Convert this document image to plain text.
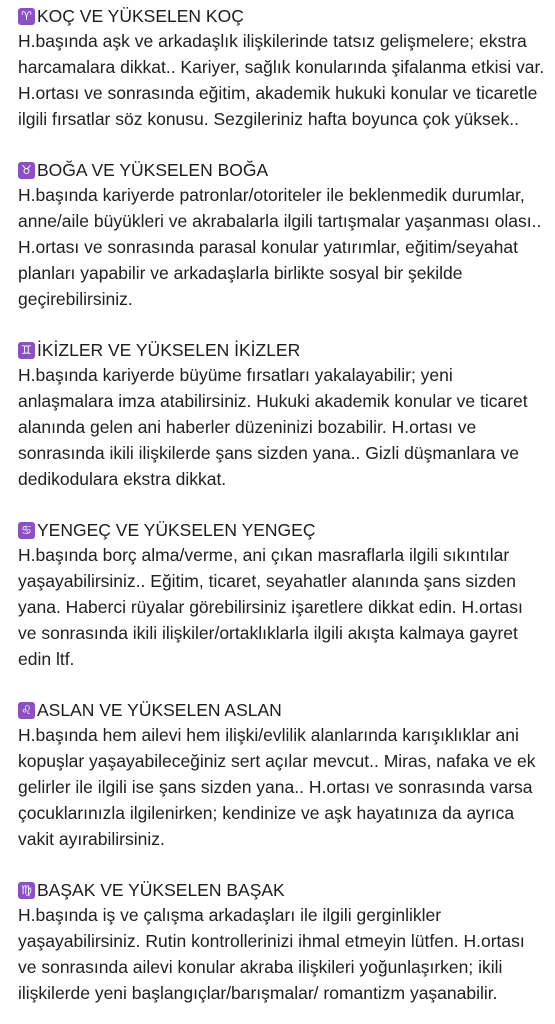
♈ KOÇ VE YÜKSELEN KOÇ

H.başında aşk ve arkadaşlık ilişkilerinde tatsız gelişmelere; ekstra harcamalara dikkat.. Kariyer, sağlık konularında şifalanma etkisi var. H.ortası ve sonrasında eğitim, akademik hukuki konular ve ticaretle ilgili fırsatlar söz konusu. Sezgileriniz hafta boyunca çok yüksek..

♉ BOĞA VE YÜKSELEN BOĞA

H.başında kariyerde patronlar/otoriteler ile beklenmedik durumlar, anne/aile büyükleri ve akrabalarla ilgili tartışmalar yaşanması olası.. H.ortası ve sonrasında parasal konular yatırımlar, eğitim/seyahat planları yapabilir ve arkadaşlarla birlikte sosyal bir şekilde geçirebilirsiniz.

♊ İKİZLER VE YÜKSELEN İKİZLER

H.başında kariyerde büyüme fırsatları yakalayabilir; yeni anlaşmalara imza atabilirsiniz. Hukuki akademik konular ve ticaret alanında gelen ani haberler düzeninizi bozabilir. H.ortası ve sonrasında ikili ilişkilerde şans sizden yana.. Gizli düşmanlara ve dedikodulara ekstra dikkat.

♋ YENGEÇ VE YÜKSELEN YENGEÇ

H.başında borç alma/verme, ani çıkan masraflarla ilgili sıkıntılar yaşayabilirsiniz.. Eğitim, ticaret, seyahatler alanında şans sizden yana. Haberci rüyalar görebilirsiniz işaretlere dikkat edin. H.ortası ve sonrasında ikili ilişkiler/ortaklıklarla ilgili akışta kalmaya gayret edin ltf.

♌ ASLAN VE YÜKSELEN ASLAN

H.başında hem ailevi hem ilişki/evlilik alanlarında karışıklıklar ani kopuşlar yaşayabileceğiniz sert açılar mevcut.. Miras, nafaka ve ek gelirler ile ilgili ise şans sizden yana.. H.ortası ve sonrasında varsa çocuklarınızla ilgilenirken; kendinize ve aşk hayatınıza da ayrıca vakit ayırabilirsiniz.

♍ BAŞAK VE YÜKSELEN BAŞAK

H.başında iş ve çalışma arkadaşları ile ilgili gerginlikler yaşayabilirsiniz. Rutin kontrollerinizi ihmal etmeyin lütfen. H.ortası ve sonrasında ailevi konular akraba ilişkileri yoğunlaşırken; ikili ilişkilerde yeni başlangıçlar/barışmalar/ romantizm yaşanabilir.
